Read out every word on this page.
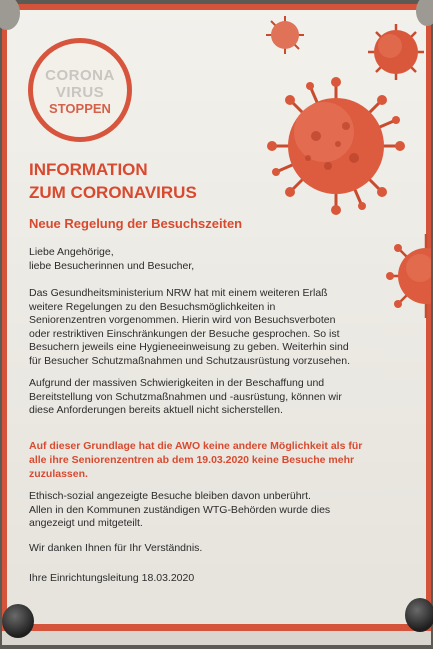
CORONA
VIRUS
STOPPEN
INFORMATION
ZUM CORONAVIRUS
Neue Regelung der Besuchszeiten
Liebe Angehörige,
liebe Besucherinnen und Besucher,
Das Gesundheitsministerium NRW hat mit einem weiteren Erlaß
weitere Regelungen zu den Besuchsmöglichkeiten in
Seniorenzentren vorgenommen. Hierin wird von Besuchsverboten
oder restriktiven Einschränkungen der Besuche gesprochen. So ist
Besuchern jeweils eine Hygieneeinweisung zu geben. Weiterhin sind
für Besucher Schutzmaßnahmen und Schutzausrüstung vorzusehen.
Aufgrund der massiven Schwierigkeiten in der Beschaffung und
Bereitstellung von Schutzmaßnahmen und -ausrüstung, können wir
diese Anforderungen bereits aktuell nicht sicherstellen.
Auf dieser Grundlage hat die AWO keine andere Möglichkeit als für
alle ihre Seniorenzentren ab dem 19.03.2020 keine Besuche mehr
zuzulassen.
Ethisch-sozial angezeigte Besuche bleiben davon unberührt.
Allen in den Kommunen zuständigen WTG-Behörden wurde dies
angezeigt und mitgeteilt.
Wir danken Ihnen für Ihr Verständnis.
Ihre Einrichtungsleitung 18.03.2020
